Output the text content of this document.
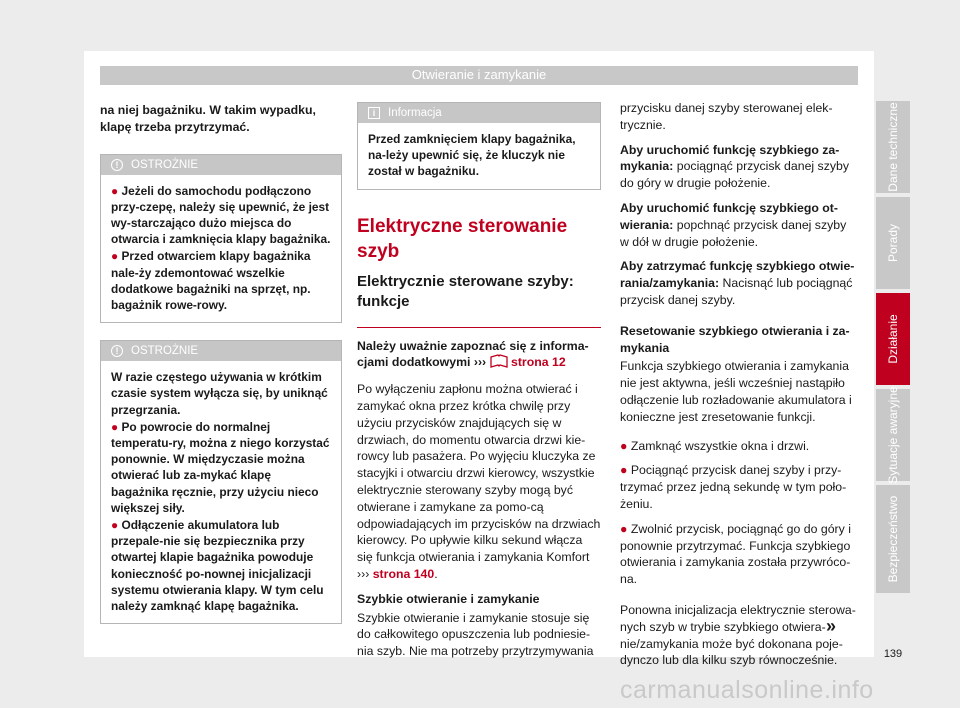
Otwieranie i zamykanie

na niej bagażniku. W takim wypadku, klapę trzeba przytrzymać.

!	OSTROŻNIE

● Jeżeli do samochodu podłączono przy-czepę, należy się upewnić, że jest wy-starczająco dużo miejsca do otwarcia i zamknięcia klapy bagażnika.

● Przed otwarciem klapy bagażnika nale-ży zdemontować wszelkie dodatkowe bagażniki na sprzęt, np. bagażnik rowe-rowy.

!	OSTROŻNIE

W razie częstego używania w krótkim czasie system wyłącza się, by uniknąć przegrzania.

● Po powrocie do normalnej temperatu-ry, można z niego korzystać ponownie. W międzyczasie można otwierać lub za-mykać klapę bagażnika ręcznie, przy użyciu nieco większej siły.

● Odłączenie akumulatora lub przepale-nie się bezpiecznika przy otwartej klapie bagażnika powoduje konieczność po-nownej inicjalizacji systemu otwierania klapy. W tym celu należy zamknąć klapę bagażnika.

i	Informacja

Przed zamknięciem klapy bagażnika, na-leży upewnić się, że kluczyk nie został w bagażniku.

Elektryczne sterowanie szyb
Elektrycznie sterowane szyby: funkcje

Należy uważnie zapoznać się z informa-cjami dodatkowymi ››› strona 12

Po wyłączeniu zapłonu można otwierać i zamykać okna przez krótka chwilę przy użyciu przycisków znajdujących się w drzwiach, do momentu otwarcia drzwi kie-rowcy lub pasażera. Po wyjęciu kluczyka ze stacyjki i otwarciu drzwi kierowcy, wszystkie elektrycznie sterowany szyby mogą być otwierane i zamykane za pomo-cą odpowiadających im przycisków na drzwiach kierowcy. Po upływie kilku sekund włącza się funkcja otwierania i zamykania Komfort ››› strona 140.

Szybkie otwieranie i zamykanie

Szybkie otwieranie i zamykanie stosuje się do całkowitego opuszczenia lub podniesie-nia szyb. Nie ma potrzeby przytrzymywania

przycisku danej szyby sterowanej elek-trycznie.

Aby uruchomić funkcję szybkiego za-mykania: pociągnąć przycisk danej szyby do góry w drugie położenie.

Aby uruchomić funkcję szybkiego ot-wierania: popchnąć przycisk danej szyby w dół w drugie położenie.

Aby zatrzymać funkcję szybkiego otwie-rania/zamykania: Nacisnąć lub pociągnąć przycisk danej szyby.

Resetowanie szybkiego otwierania i za-mykania

Funkcja szybkiego otwierania i zamykania nie jest aktywna, jeśli wcześniej nastąpiło odłączenie lub rozładowanie akumulatora i konieczne jest zresetowanie funkcji.

● Zamknąć wszystkie okna i drzwi.

● Pociągnąć przycisk danej szyby i przy-trzymać przez jedną sekundę w tym poło-żeniu.

● Zwolnić przycisk, pociągnąć go do góry i ponownie przytrzymać. Funkcja szybkiego otwierania i zamykania została przywróco-na.

Ponowna inicjalizacja elektrycznie sterowa-nych szyb w trybie szybkiego otwiera-nie/zamykania może być dokonana poje-dynczo lub dla kilku szyb równocześnie.

Dane techniczne
Porady
Działanie
Sytuacje awaryjne
Bezpieczeństwo
»
139
carmanualsonline.info
